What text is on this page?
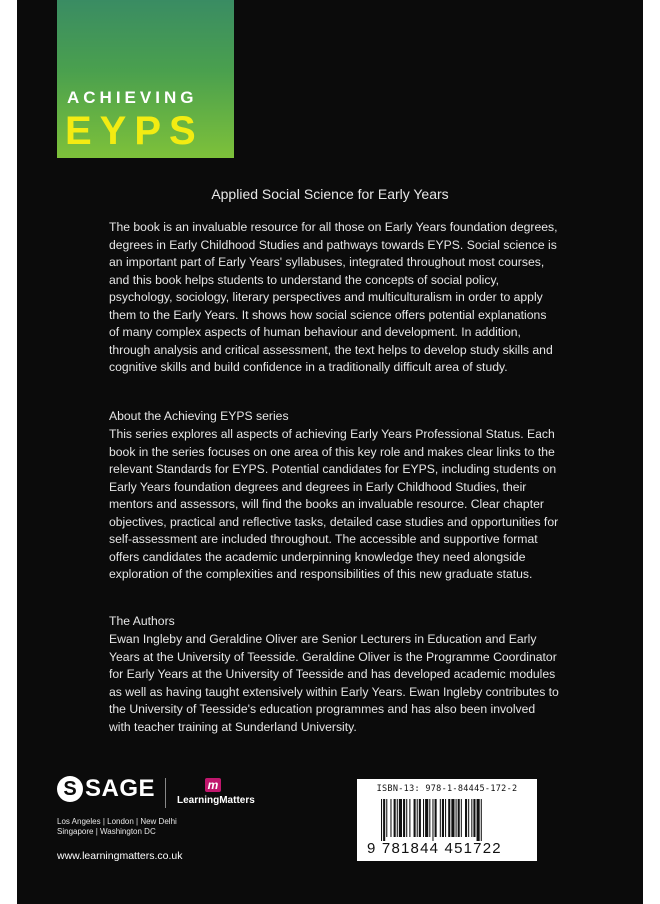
ACHIEVING
EYPS
Applied Social Science for Early Years

The book is an invaluable resource for all those on Early Years foundation degrees, degrees in Early Childhood Studies and pathways towards EYPS. Social science is an important part of Early Years' syllabuses, integrated throughout most courses, and this book helps students to understand the concepts of social policy, psychology, sociology, literary perspectives and multiculturalism in order to apply them to the Early Years. It shows how social science offers potential explanations of many complex aspects of human behaviour and development. In addition, through analysis and critical assessment, the text helps to develop study skills and cognitive skills and build confidence in a traditionally difficult area of study.

About the Achieving EYPS series

This series explores all aspects of achieving Early Years Professional Status. Each book in the series focuses on one area of this key role and makes clear links to the relevant Standards for EYPS. Potential candidates for EYPS, including students on Early Years foundation degrees and degrees in Early Childhood Studies, their mentors and assessors, will find the books an invaluable resource. Clear chapter objectives, practical and reflective tasks, detailed case studies and opportunities for self-assessment are included throughout. The accessible and supportive format offers candidates the academic underpinning knowledge they need alongside exploration of the complexities and responsibilities of this new graduate status.

The Authors

Ewan Ingleby and Geraldine Oliver are Senior Lecturers in Education and Early Years at the University of Teesside. Geraldine Oliver is the Programme Coordinator for Early Years at the University of Teesside and has developed academic modules as well as having taught extensively within Early Years. Ewan Ingleby contributes to the University of Teesside's education programmes and has also been involved with teacher training at Sunderland University.

S SAGE	m
LearningMatters
Los Angeles | London | New Delhi
Singapore | Washington DC
www.learningmatters.co.uk
ISBN-13: 978-1-84445-172-2
9 781844 451722
